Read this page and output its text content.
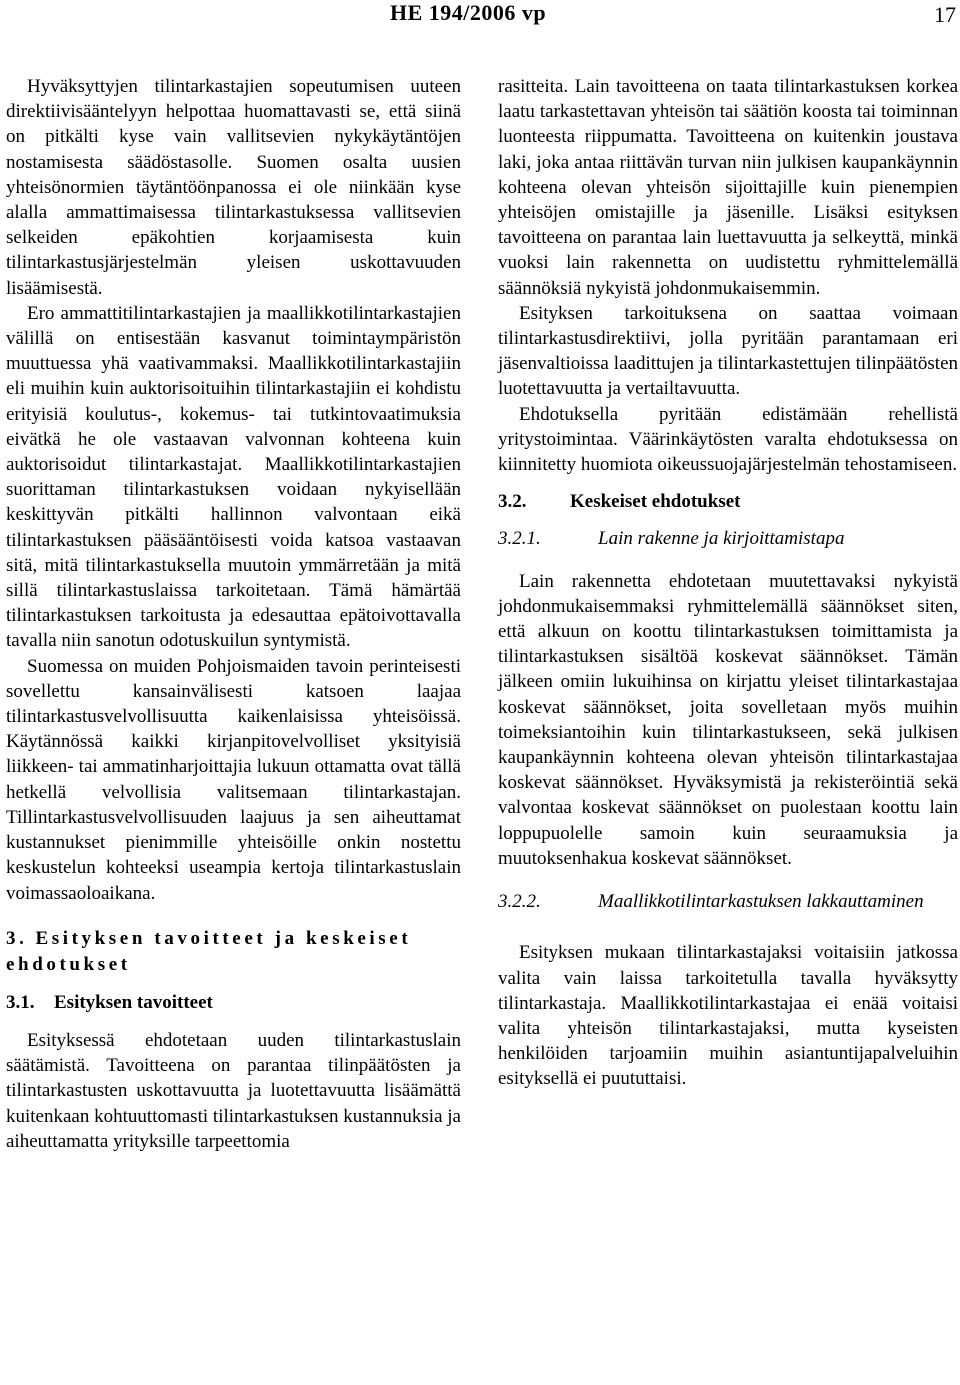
HE 194/2006 vp	17

Hyväksyttyjen tilintarkastajien sopeutumisen uuteen direktiivisääntelyyn helpottaa huomattavasti se, että siinä on pitkälti kyse vain vallitsevien nykykäytäntöjen nostamisesta säädöstasolle. Suomen osalta uusien yhteisönormien täytäntöönpanossa ei ole niinkään kyse alalla ammattimaisessa tilintarkastuksessa vallitsevien selkeiden epäkohtien korjaamisesta kuin tilintarkastusjärjestelmän yleisen uskottavuuden lisäämisestä.

Ero ammattitilintarkastajien ja maallikkotilintarkastajien välillä on entisestään kasvanut toimintaympäristön muuttuessa yhä vaativammaksi. Maallikkotilintarkastajiin eli muihin kuin auktorisoituihin tilintarkastajiin ei kohdistu erityisiä koulutus-, kokemus- tai tutkintovaatimuksia eivätkä he ole vastaavan valvonnan kohteena kuin auktorisoidut tilintarkastajat. Maallikkotilintarkastajien suorittaman tilintarkastuksen voidaan nykyisellään keskittyvän pitkälti hallinnon valvontaan eikä tilintarkastuksen pääsääntöisesti voida katsoa vastaavan sitä, mitä tilintarkastuksella muutoin ymmärretään ja mitä sillä tilintarkastuslaissa tarkoitetaan. Tämä hämärtää tilintarkastuksen tarkoitusta ja edesauttaa epätoivottavalla tavalla niin sanotun odotuskuilun syntymistä.

Suomessa on muiden Pohjoismaiden tavoin perinteisesti sovellettu kansainvälisesti katsoen laajaa tilintarkastusvelvollisuutta kaikenlaisissa yhteisöissä. Käytännössä kaikki kirjanpitovelvolliset yksityisiä liikkeen- tai ammatinharjoittajia lukuun ottamatta ovat tällä hetkellä velvollisia valitsemaan tilintarkastajan. Tillintarkastusvelvollisuuden laajuus ja sen aiheuttamat kustannukset pienimmille yhteisöille onkin nostettu keskustelun kohteeksi useampia kertoja tilintarkastuslain voimassaoloaikana.

3. Esityksen tavoitteet ja keskeiset ehdotukset
3.1. Esityksen tavoitteet

Esityksessä ehdotetaan uuden tilintarkastuslain säätämistä. Tavoitteena on parantaa tilinpäätösten ja tilintarkastusten uskottavuutta ja luotettavuutta lisäämättä kuitenkaan kohtuuttomasti tilintarkastuksen kustannuksia ja aiheuttamatta yrityksille tarpeettomia

rasitteita. Lain tavoitteena on taata tilintarkastuksen korkea laatu tarkastettavan yhteisön tai säätiön koosta tai toiminnan luonteesta riippumatta. Tavoitteena on kuitenkin joustava laki, joka antaa riittävän turvan niin julkisen kaupankäynnin kohteena olevan yhteisön sijoittajille kuin pienempien yhteisöjen omistajille ja jäsenille. Lisäksi esityksen tavoitteena on parantaa lain luettavuutta ja selkeyttä, minkä vuoksi lain rakennetta on uudistettu ryhmittelemällä säännöksiä nykyistä johdonmukaisemmin.

Esityksen tarkoituksena on saattaa voimaan tilintarkastusdirektiivi, jolla pyritään parantamaan eri jäsenvaltioissa laadittujen ja tilintarkastettujen tilinpäätösten luotettavuutta ja vertailtavuutta.

Ehdotuksella pyritään edistämään rehellistä yritystoimintaa. Väärinkäytösten varalta ehdotuksessa on kiinnitetty huomiota oikeussuojajärjestelmän tehostamiseen.

3.2. Keskeiset ehdotukset
3.2.1.	Lain rakenne ja kirjoittamistapa

Lain rakennetta ehdotetaan muutettavaksi nykyistä johdonmukaisemmaksi ryhmittelemällä säännökset siten, että alkuun on koottu tilintarkastuksen toimittamista ja tilintarkastuksen sisältöä koskevat säännökset. Tämän jälkeen omiin lukuihinsa on kirjattu yleiset tilintarkastajaa koskevat säännökset, joita sovelletaan myös muihin toimeksiantoihin kuin tilintarkastukseen, sekä julkisen kaupankäynnin kohteena olevan yhteisön tilintarkastajaa koskevat säännökset. Hyväksymistä ja rekisteröintiä sekä valvontaa koskevat säännökset on puolestaan koottu lain loppupuolelle samoin kuin seuraamuksia ja muutoksenhakua koskevat säännökset.

3.2.2.	Maallikkotilintarkastuksen lakkauttaminen

Esityksen mukaan tilintarkastajaksi voitaisiin jatkossa valita vain laissa tarkoitetulla tavalla hyväksytty tilintarkastaja. Maallikkotilintarkastajaa ei enää voitaisi valita yhteisön tilintarkastajaksi, mutta kyseisten henkilöiden tarjoamiin muihin asiantuntijapalveluihin esityksellä ei puututtaisi.
